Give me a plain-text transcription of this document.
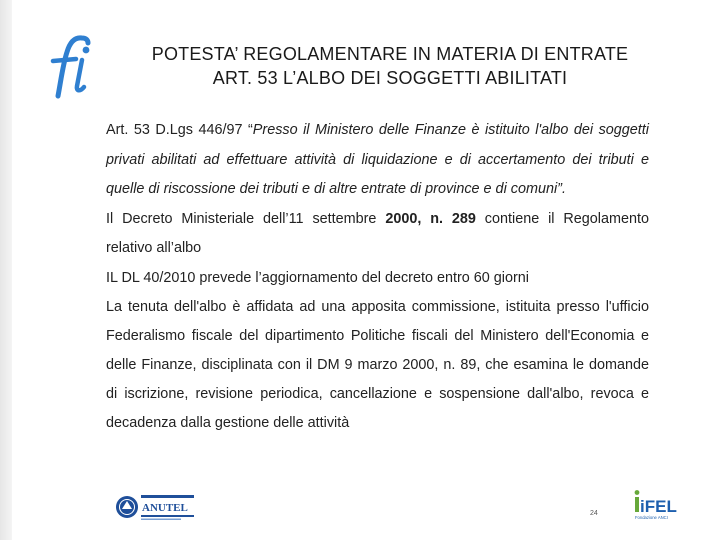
POTESTA’ REGOLAMENTARE IN MATERIA DI ENTRATE
ART. 53 L’ALBO DEI SOGGETTI ABILITATI

Art. 53 D.Lgs 446/97 “Presso il Ministero delle Finanze è istituito l'albo dei soggetti privati abilitati ad effettuare attività di liquidazione e di accertamento dei tributi e quelle di riscossione dei tributi e di altre entrate di province e di comuni”.

Il Decreto Ministeriale dell’11 settembre 2000, n. 289 contiene il Regolamento relativo all’albo

IL DL 40/2010 prevede l’aggiornamento del decreto entro 60 giorni

La tenuta dell'albo è affidata ad una apposita commissione, istituita presso l'ufficio Federalismo fiscale del dipartimento Politiche fiscali del Ministero dell'Economia e delle Finanze, disciplinata con il DM 9 marzo 2000, n. 89, che esamina le domande di iscrizione, revisione periodica, cancellazione e sospensione dall'albo, revoca e decadenza dalla gestione delle attività

ANUTEL	24 iFEL
Fondazione ANCI
